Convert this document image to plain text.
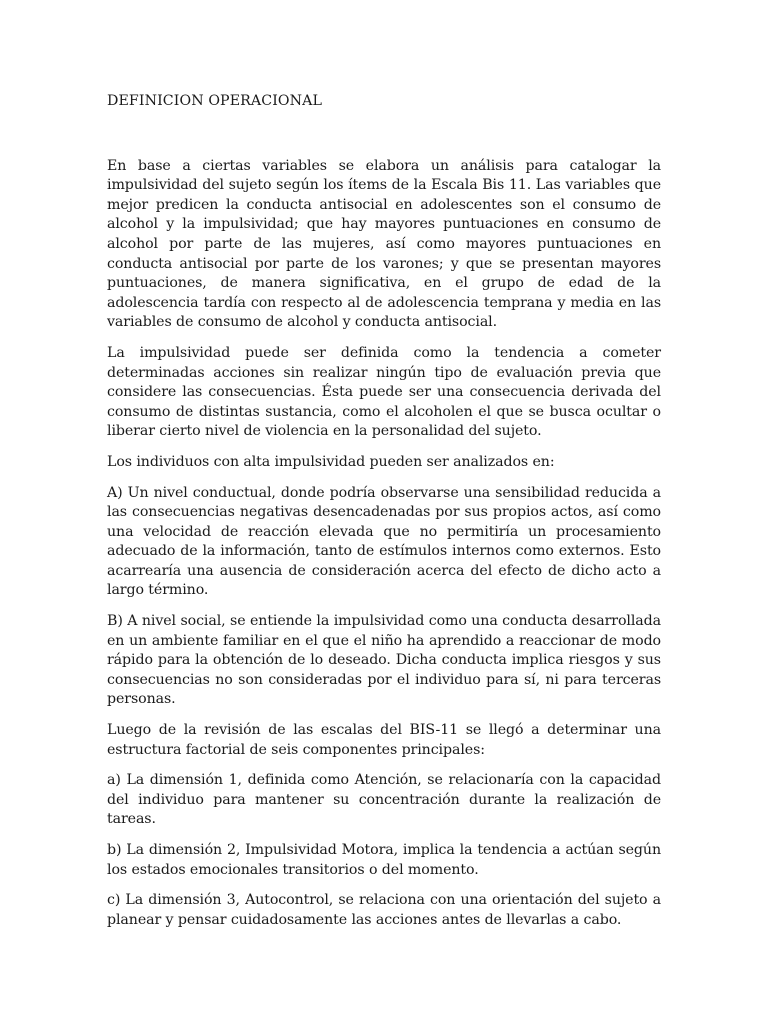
DEFINICION OPERACIONAL

En base a ciertas variables se elabora un análisis para catalogar la impulsividad del sujeto según los ítems de la Escala Bis 11. Las variables que mejor predicen la conducta antisocial en adolescentes son el consumo de alcohol y la impulsividad; que hay mayores puntuaciones en consumo de alcohol por parte de las mujeres, así como mayores puntuaciones en conducta antisocial por parte de los varones; y que se presentan mayores puntuaciones, de manera significativa, en el grupo de edad de la adolescencia tardía con respecto al de adolescencia temprana y media en las variables de consumo de alcohol y conducta antisocial.

La impulsividad puede ser definida como la tendencia a cometer determinadas acciones sin realizar ningún tipo de evaluación previa que considere las consecuencias. Ésta puede ser una consecuencia derivada del consumo de distintas sustancia, como el alcoholen el que se busca ocultar o liberar cierto nivel de violencia en la personalidad del sujeto.

Los individuos con alta impulsividad pueden ser analizados en:

A) Un nivel conductual, donde podría observarse una sensibilidad reducida a las consecuencias negativas desencadenadas por sus propios actos, así como una velocidad de reacción elevada que no permitiría un procesamiento adecuado de la información, tanto de estímulos internos como externos. Esto acarrearía una ausencia de consideración acerca del efecto de dicho acto a largo término.

B) A nivel social, se entiende la impulsividad como una conducta desarrollada en un ambiente familiar en el que el niño ha aprendido a reaccionar de modo rápido para la obtención de lo deseado. Dicha conducta implica riesgos y sus consecuencias no son consideradas por el individuo para sí, ni para terceras personas.

Luego de la revisión de las escalas del BIS-11 se llegó a determinar una estructura factorial de seis componentes principales:

a) La dimensión 1, definida como Atención, se relacionaría con la capacidad del individuo para mantener su concentración durante la realización de tareas.

b) La dimensión 2, Impulsividad Motora, implica la tendencia a actúan según los estados emocionales transitorios o del momento.

c) La dimensión 3, Autocontrol, se relaciona con una orientación del sujeto a planear y pensar cuidadosamente las acciones antes de llevarlas a cabo.
